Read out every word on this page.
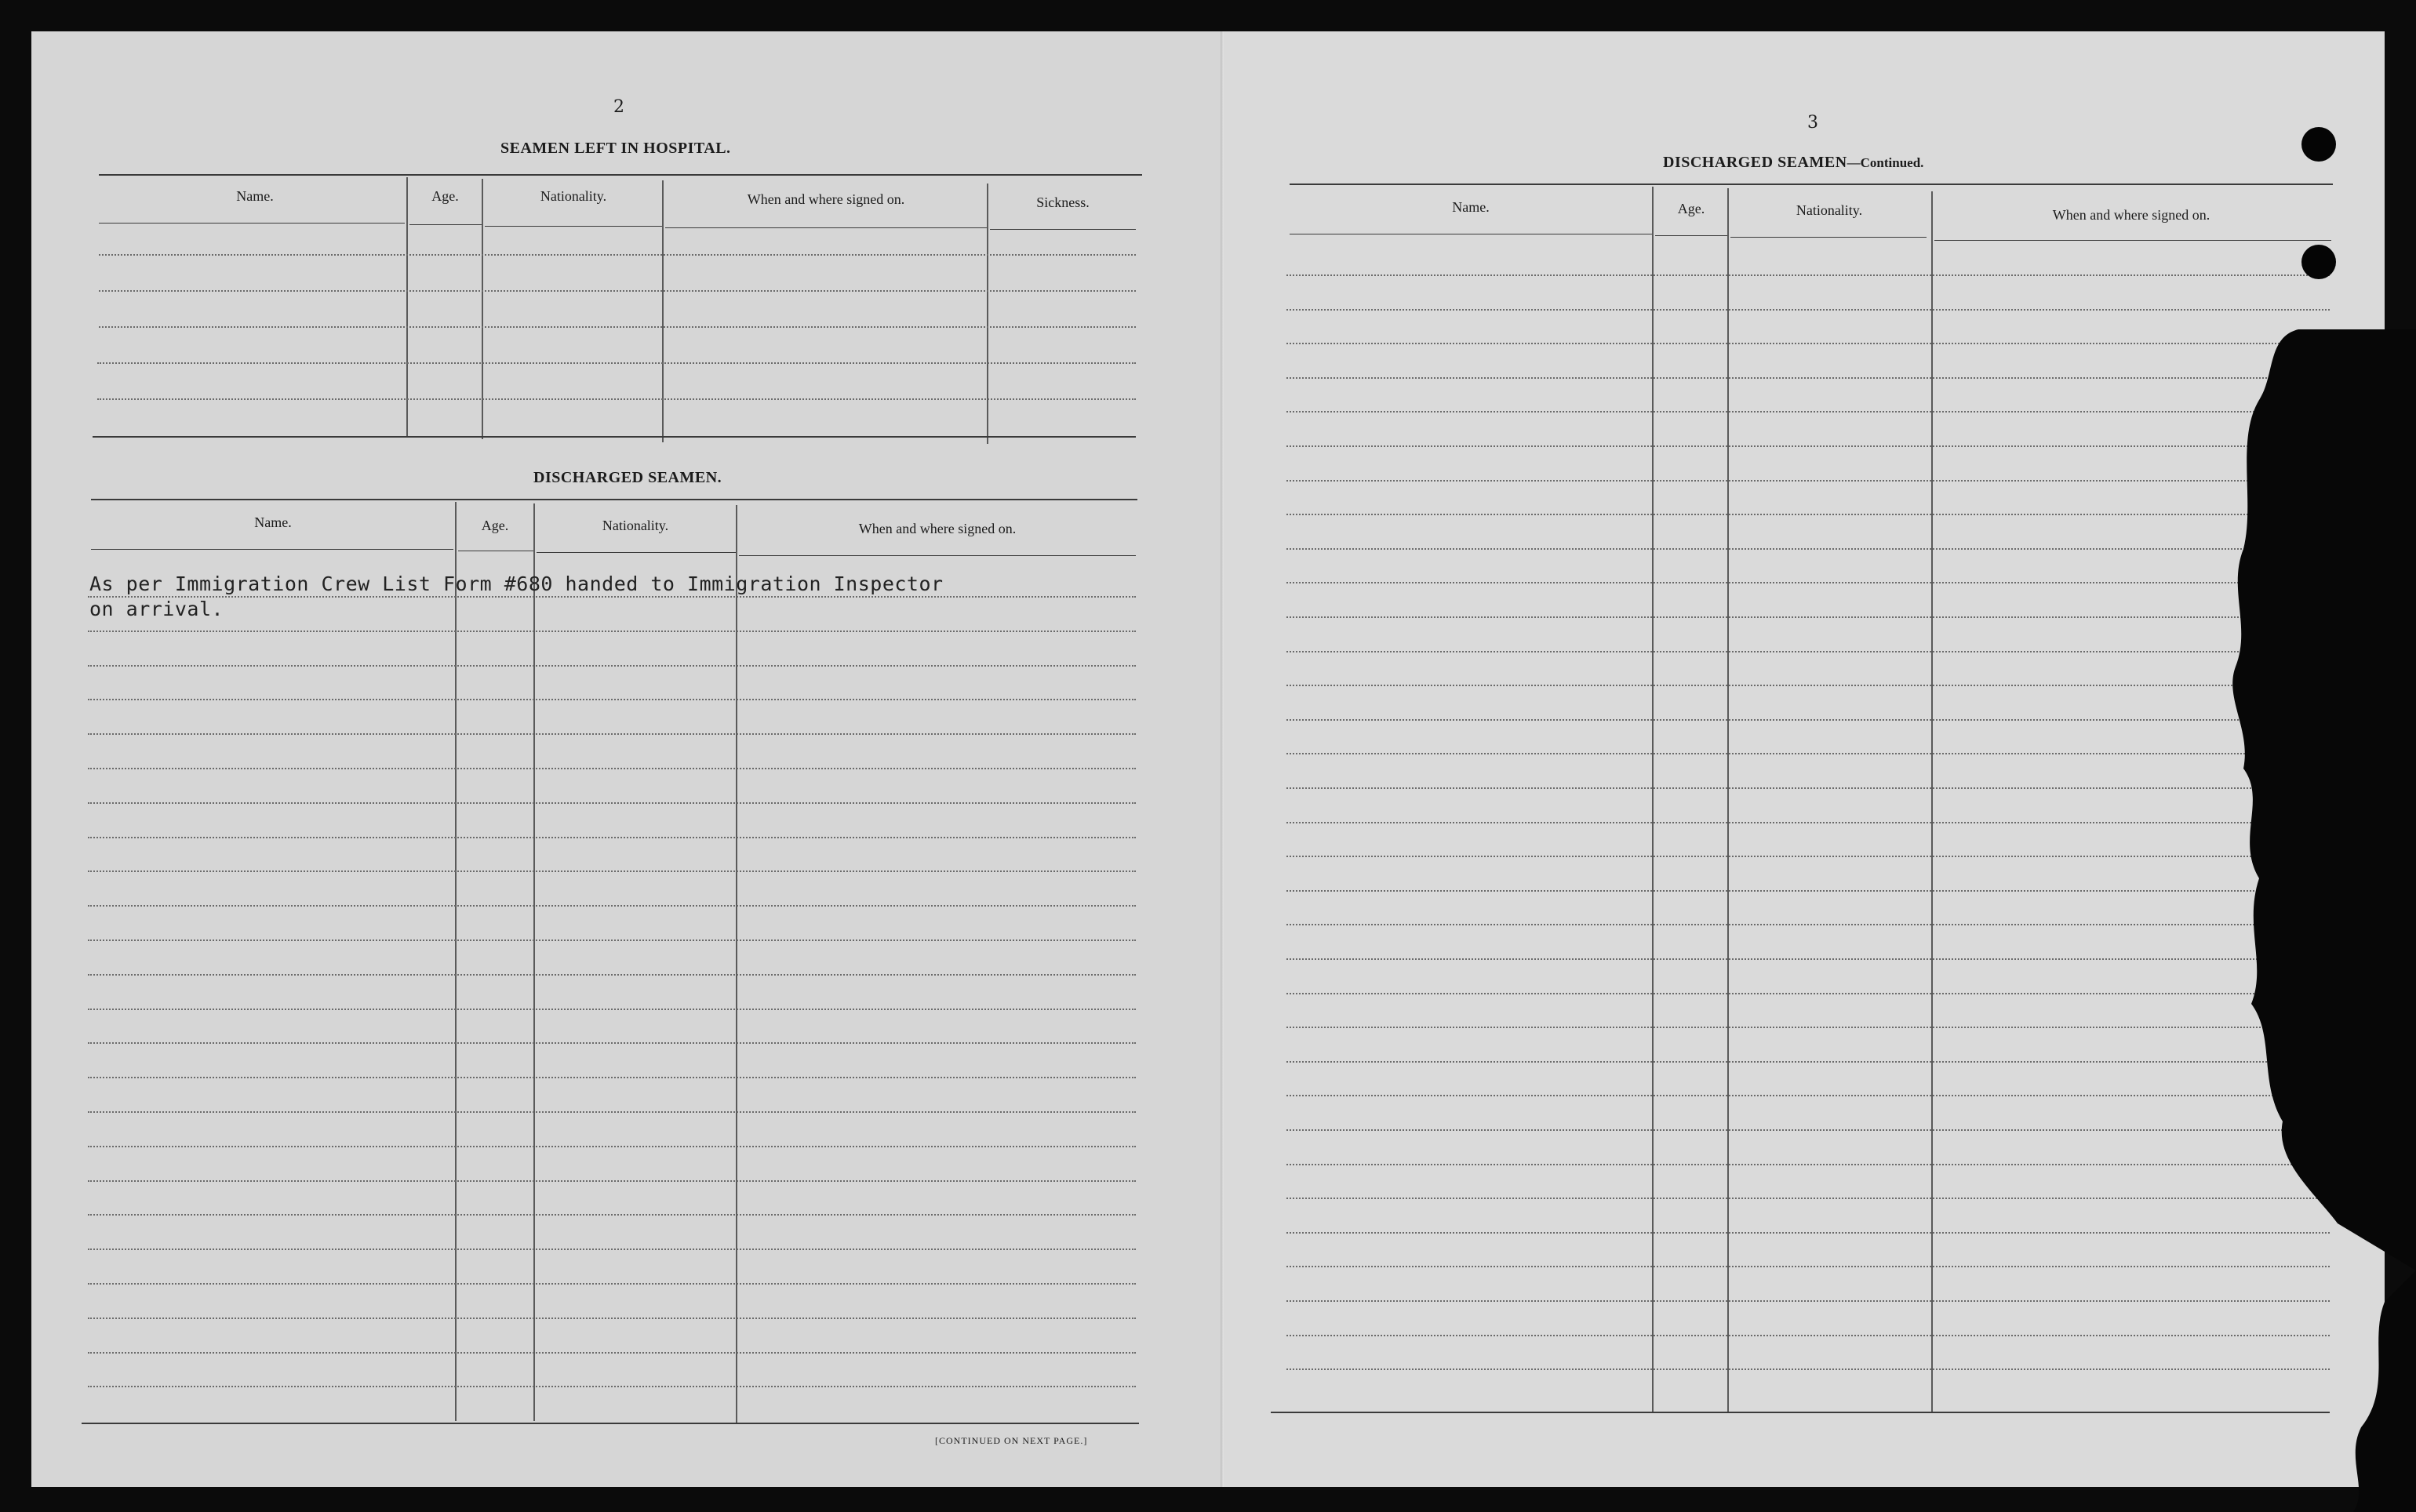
2
SEAMEN LEFT IN HOSPITAL.
Name.	Age.	Nationality.	When and where signed on.	Sickness.
DISCHARGED SEAMEN.
Name.	Age.	Nationality.	When and where signed on.
As per Immigration Crew List Form #680 handed to Immigration Inspector
on arrival.
[CONTINUED ON NEXT PAGE.]
3
DISCHARGED SEAMEN—Continued.
Name.	Age.	Nationality.	When and where signed on.
